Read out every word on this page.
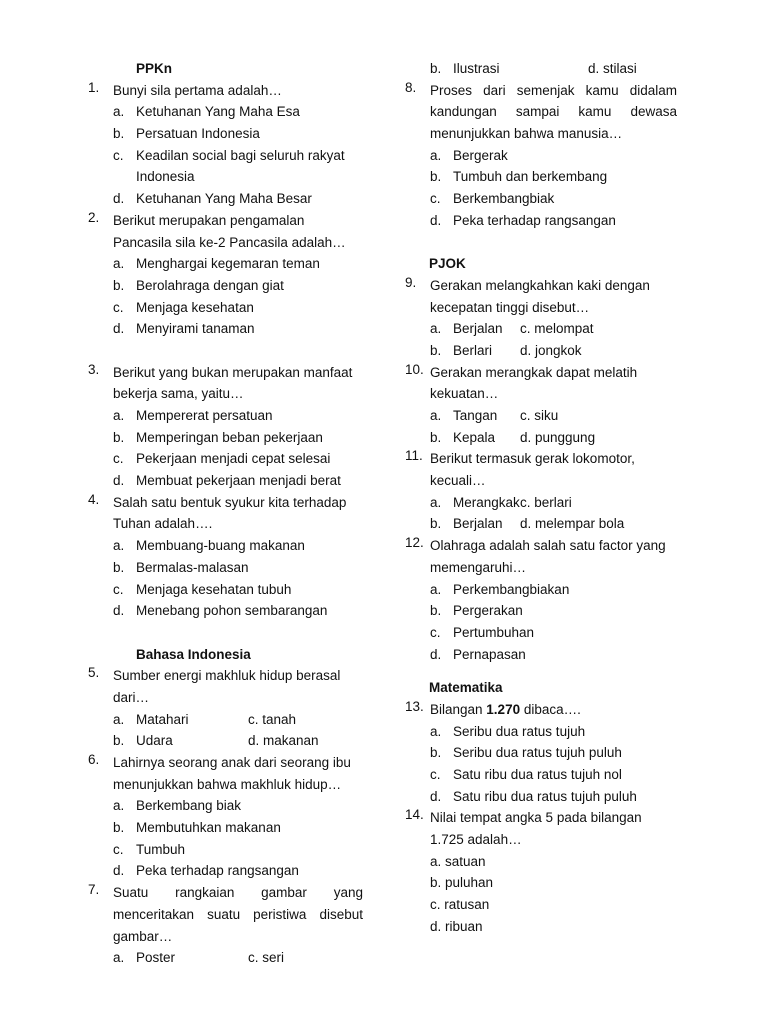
PPKn
1.	Bunyi sila pertama adalah…
a. Ketuhanan Yang Maha Esa
b. Persatuan Indonesia
c. Keadilan social bagi seluruh rakyat
Indonesia
d. Ketuhanan Yang Maha Besar
2.	Berikut merupakan pengamalan
Pancasila sila ke-2 Pancasila adalah…
a. Menghargai kegemaran teman
b. Berolahraga dengan giat
c. Menjaga kesehatan
d. Menyirami tanaman
3.	Berikut yang bukan merupakan manfaat
bekerja sama, yaitu…
a. Mempererat persatuan
b. Memperingan beban pekerjaan
c. Pekerjaan menjadi cepat selesai
d. Membuat pekerjaan menjadi berat
4.	Salah satu bentuk syukur kita terhadap
Tuhan adalah….
a. Membuang-buang makanan
b. Bermalas-malasan
c. Menjaga kesehatan tubuh
d. Menebang pohon sembarangan
Bahasa Indonesia
5.	Sumber energi makhluk hidup berasal
dari…
a. Matahari	c. tanah
b. Udara	d. makanan
6.	Lahirnya seorang anak dari seorang ibu
menunjukkan bahwa makhluk hidup…
a. Berkembang biak
b. Membutuhkan makanan
c. Tumbuh
d. Peka terhadap rangsangan
7.	Suatu rangkaian gambar yang
menceritakan suatu peristiwa disebut
gambar…
a. Poster	c. seri
b. Ilustrasi	d. stilasi
8.	Proses dari semenjak kamu didalam
kandungan sampai kamu dewasa
menunjukkan bahwa manusia…
a. Bergerak
b. Tumbuh dan berkembang
c. Berkembangbiak
d. Peka terhadap rangsangan
PJOK
9.	Gerakan melangkahkan kaki dengan
kecepatan tinggi disebut…
a. Berjalan c. melompat
b. Berlari d. jongkok
10. Gerakan merangkak dapat melatih
kekuatan…
a. Tangan c. siku
b. Kepala d. punggung
11. Berikut termasuk gerak lokomotor,
kecuali…
a. Merangkak c. berlari
b. Berjalan d. melempar bola
12. Olahraga adalah salah satu factor yang
memengaruhi…
a. Perkembangbiakan
b. Pergerakan
c. Pertumbuhan
d. Pernapasan
Matematika
13. Bilangan 1.270 dibaca….
a. Seribu dua ratus tujuh
b. Seribu dua ratus tujuh puluh
c. Satu ribu dua ratus tujuh nol
d. Satu ribu dua ratus tujuh puluh
14. Nilai tempat angka 5 pada bilangan
1.725 adalah…
a. satuan
b. puluhan
c. ratusan
d. ribuan
